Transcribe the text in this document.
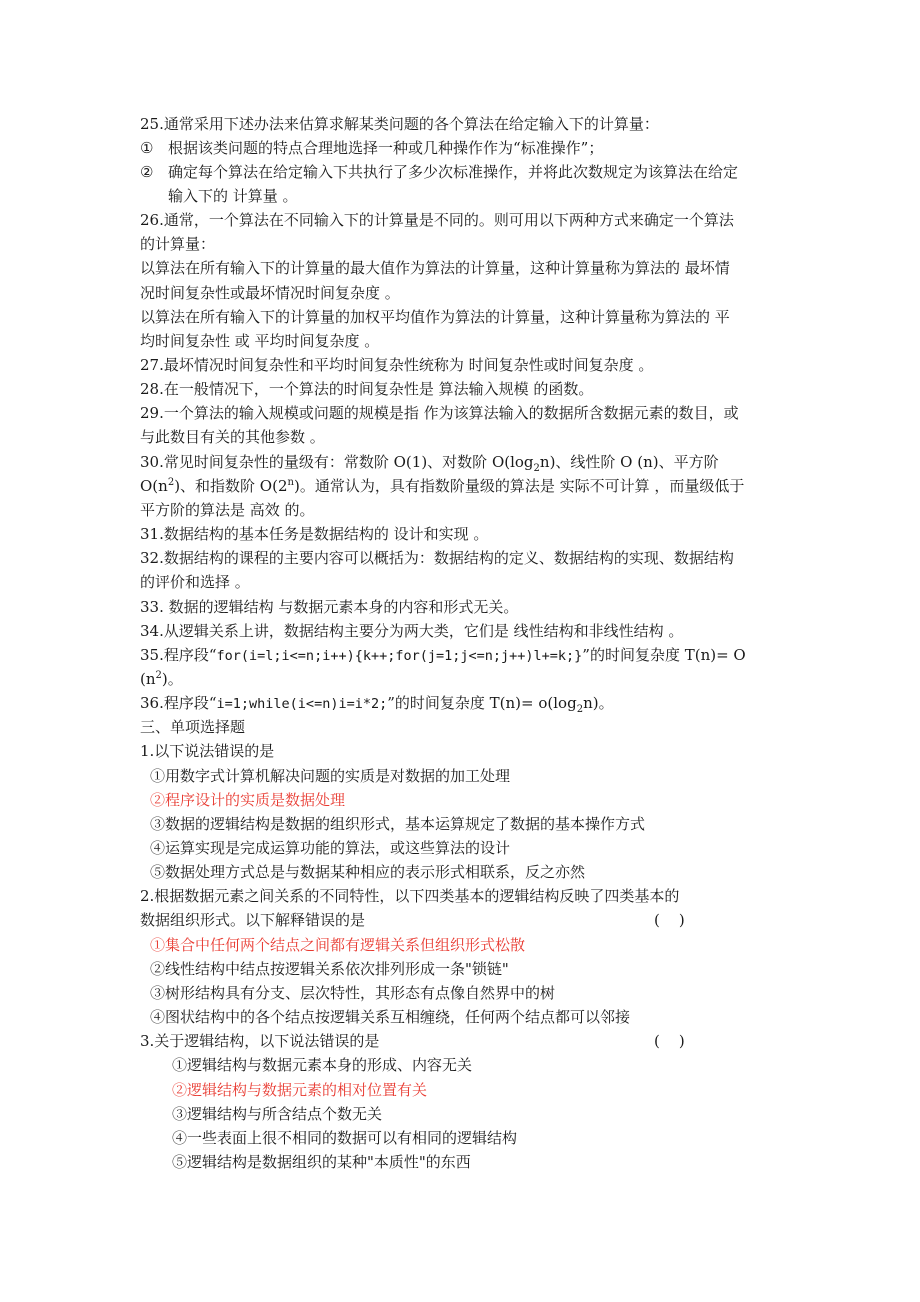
25.通常采用下述办法来估算求解某类问题的各个算法在给定输入下的计算量：
① 根据该类问题的特点合理地选择一种或几种操作作为“标准操作”；
② 确定每个算法在给定输入下共执行了多少次标准操作，并将此次数规定为该算法在给定
输入下的 计算量 。
26.通常，一个算法在不同输入下的计算量是不同的。则可用以下两种方式来确定一个算法
的计算量：
以算法在所有输入下的计算量的最大值作为算法的计算量，这种计算量称为算法的 最坏情
况时间复杂性或最坏情况时间复杂度 。
以算法在所有输入下的计算量的加权平均值作为算法的计算量，这种计算量称为算法的 平
均时间复杂性 或 平均时间复杂度 。
27.最坏情况时间复杂性和平均时间复杂性统称为 时间复杂性或时间复杂度 。
28.在一般情况下，一个算法的时间复杂性是 算法输入规模 的函数。
29.一个算法的输入规模或问题的规模是指 作为该算法输入的数据所含数据元素的数目，或
与此数目有关的其他参数 。
30.常见时间复杂性的量级有：常数阶 O(1)、对数阶 $O(\log_2n)$、线性阶 O (n)、平方阶
$O(n^2)$、和指数阶 O(2$^n$)。通常认为，具有指数阶量级的算法是 实际不可计算 ，而量级低于
平方阶的算法是 高效 的。
31.数据结构的基本任务是数据结构的 设计和实现 。
32.数据结构的课程的主要内容可以概括为：数据结构的定义、数据结构的实现、数据结构
的评价和选择 。
33. 数据的逻辑结构 与数据元素本身的内容和形式无关。
34.从逻辑关系上讲，数据结构主要分为两大类，它们是 线性结构和非线性结构 。
35.程序段“for(i=l;i<=n;i++){k++;for(j=1;j<=n;j++)l+=k;}”的时间复杂度 T(n)= O
$(n^2)$。
36.程序段“i=1;while(i<=n)i=i*2;”的时间复杂度 $T(n)= o(\log_2n)$。
三、单项选择题
1.以下说法错误的是
①用数字式计算机解决问题的实质是对数据的加工处理
②程序设计的实质是数据处理
③数据的逻辑结构是数据的组织形式，基本运算规定了数据的基本操作方式
④运算实现是完成运算功能的算法，或这些算法的设计
⑤数据处理方式总是与数据某种相应的表示形式相联系，反之亦然
2.根据数据元素之间关系的不同特性，以下四类基本的逻辑结构反映了四类基本的
数据组织形式。以下解释错误的是	(    )
①集合中任何两个结点之间都有逻辑关系但组织形式松散
②线性结构中结点按逻辑关系依次排列形成一条"锁链"
③树形结构具有分支、层次特性，其形态有点像自然界中的树
④图状结构中的各个结点按逻辑关系互相缠绕，任何两个结点都可以邻接
3.关于逻辑结构，以下说法错误的是	(    )
①逻辑结构与数据元素本身的形成、内容无关
②逻辑结构与数据元素的相对位置有关
③逻辑结构与所含结点个数无关
④一些表面上很不相同的数据可以有相同的逻辑结构
⑤逻辑结构是数据组织的某种"本质性"的东西
